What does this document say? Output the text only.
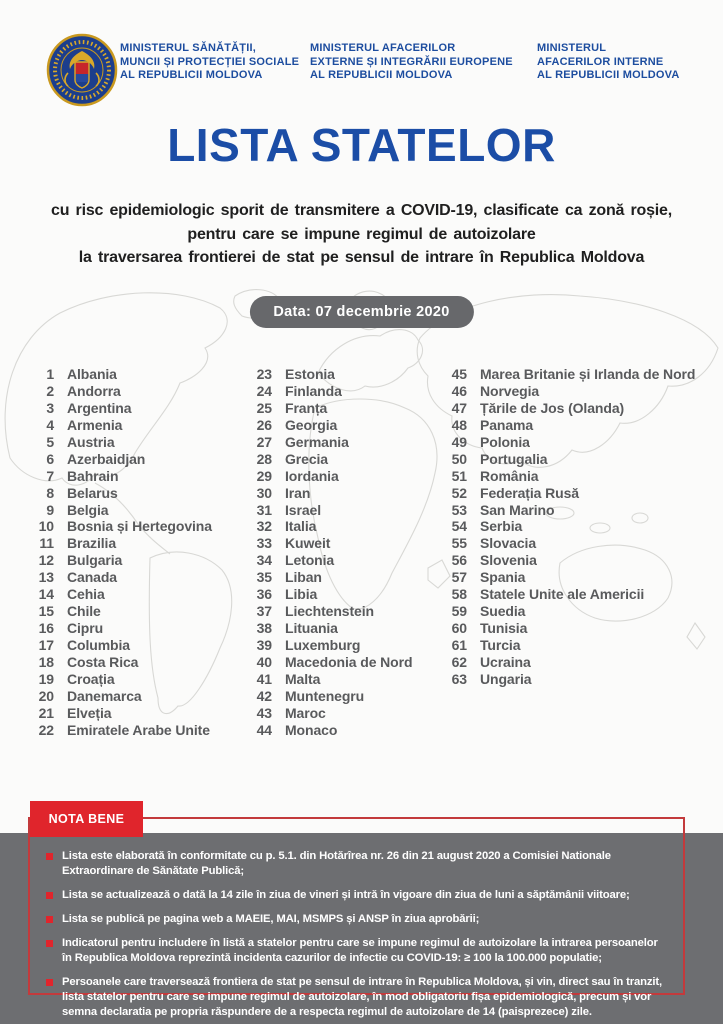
MINISTERUL SĂNĂTĂȚII,
MUNCII ȘI PROTECȚIEI SOCIALE
AL REPUBLICII MOLDOVA
MINISTERUL AFACERILOR
EXTERNE ȘI INTEGRĂRII EUROPENE
AL REPUBLICII MOLDOVA
MINISTERUL
AFACERILOR INTERNE
AL REPUBLICII MOLDOVA
LISTA STATELOR
cu risc epidemiologic sporit de transmitere a COVID-19, clasificate ca zonă roșie,
pentru care se impune regimul de autoizolare
la traversarea frontierei de stat pe sensul de intrare în Republica Moldova
Data: 07 decembrie 2020
1 Albania
2 Andorra
3 Argentina
4 Armenia
5 Austria
6 Azerbaidjan
7 Bahrain
8 Belarus
9 Belgia
10 Bosnia și Hertegovina
11 Brazilia
12 Bulgaria
13 Canada
14 Cehia
15 Chile
16 Cipru
17 Columbia
18 Costa Rica
19 Croația
20 Danemarca
21 Elveția
22 Emiratele Arabe Unite
23 Estonia
24 Finlanda
25 Franța
26 Georgia
27 Germania
28 Grecia
29 Iordania
30 Iran
31 Israel
32 Italia
33 Kuweit
34 Letonia
35 Liban
36 Libia
37 Liechtenstein
38 Lituania
39 Luxemburg
40 Macedonia de Nord
41 Malta
42 Muntenegru
43 Maroc
44 Monaco
45 Marea Britanie și Irlanda de Nord
46 Norvegia
47 Țările de Jos (Olanda)
48 Panama
49 Polonia
50 Portugalia
51 România
52 Federația Rusă
53 San Marino
54 Serbia
55 Slovacia
56 Slovenia
57 Spania
58 Statele Unite ale Americii
59 Suedia
60 Tunisia
61 Turcia
62 Ucraina
63 Ungaria
NOTA BENE
Lista este elaborată în conformitate cu p. 5.1. din Hotărîrea nr. 26 din 21 august 2020 a Comisiei Nationale Extraordinare de Sănătate Publică;
Lista se actualizează o dată la 14 zile în ziua de vineri și intră în vigoare din ziua de luni a săptămânii viitoare;
Lista se publică pe pagina web a MAEIE, MAI, MSMPS și ANSP în ziua aprobării;
Indicatorul pentru includere în listă a statelor pentru care se impune regimul de autoizolare la intrarea persoanelor în Republica Moldova reprezintă incidenta cazurilor de infectie cu COVID-19: ≥ 100 la 100.000 populatie;
Persoanele care traversează frontiera de stat pe sensul de intrare în Republica Moldova, și vin, direct sau în tranzit, lista statelor pentru care se impune regimul de autoizolare, în mod obligatoriu fișa epidemiologică, precum și vor semna declaratia pe propria răspundere de a respecta regimul de autoizolare de 14 (paisprezece) zile.
